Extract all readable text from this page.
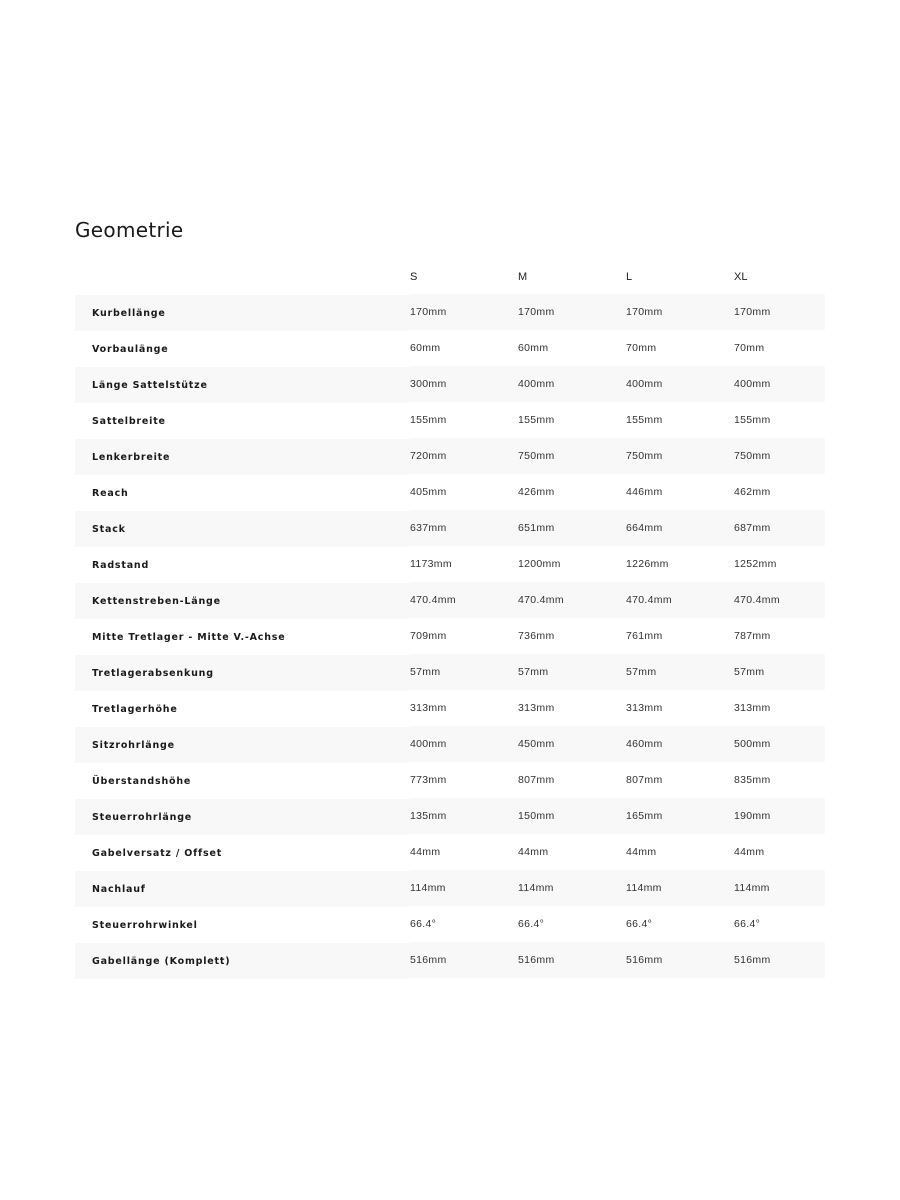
Geometrie
	S	M	L	XL
Kurbellänge	170mm	170mm	170mm	170mm
Vorbaulänge	60mm	60mm	70mm	70mm
Länge Sattelstütze	300mm	400mm	400mm	400mm
Sattelbreite	155mm	155mm	155mm	155mm
Lenkerbreite	720mm	750mm	750mm	750mm
Reach	405mm	426mm	446mm	462mm
Stack	637mm	651mm	664mm	687mm
Radstand	1173mm	1200mm	1226mm	1252mm
Kettenstreben-Länge	470.4mm	470.4mm	470.4mm	470.4mm
Mitte Tretlager - Mitte V.-Achse	709mm	736mm	761mm	787mm
Tretlagerabsenkung	57mm	57mm	57mm	57mm
Tretlagerhöhe	313mm	313mm	313mm	313mm
Sitzrohrlänge	400mm	450mm	460mm	500mm
Überstandshöhe	773mm	807mm	807mm	835mm
Steuerrohrlänge	135mm	150mm	165mm	190mm
Gabelversatz / Offset	44mm	44mm	44mm	44mm
Nachlauf	114mm	114mm	114mm	114mm
Steuerrohrwinkel	66.4°	66.4°	66.4°	66.4°
Gabellänge (Komplett)	516mm	516mm	516mm	516mm
